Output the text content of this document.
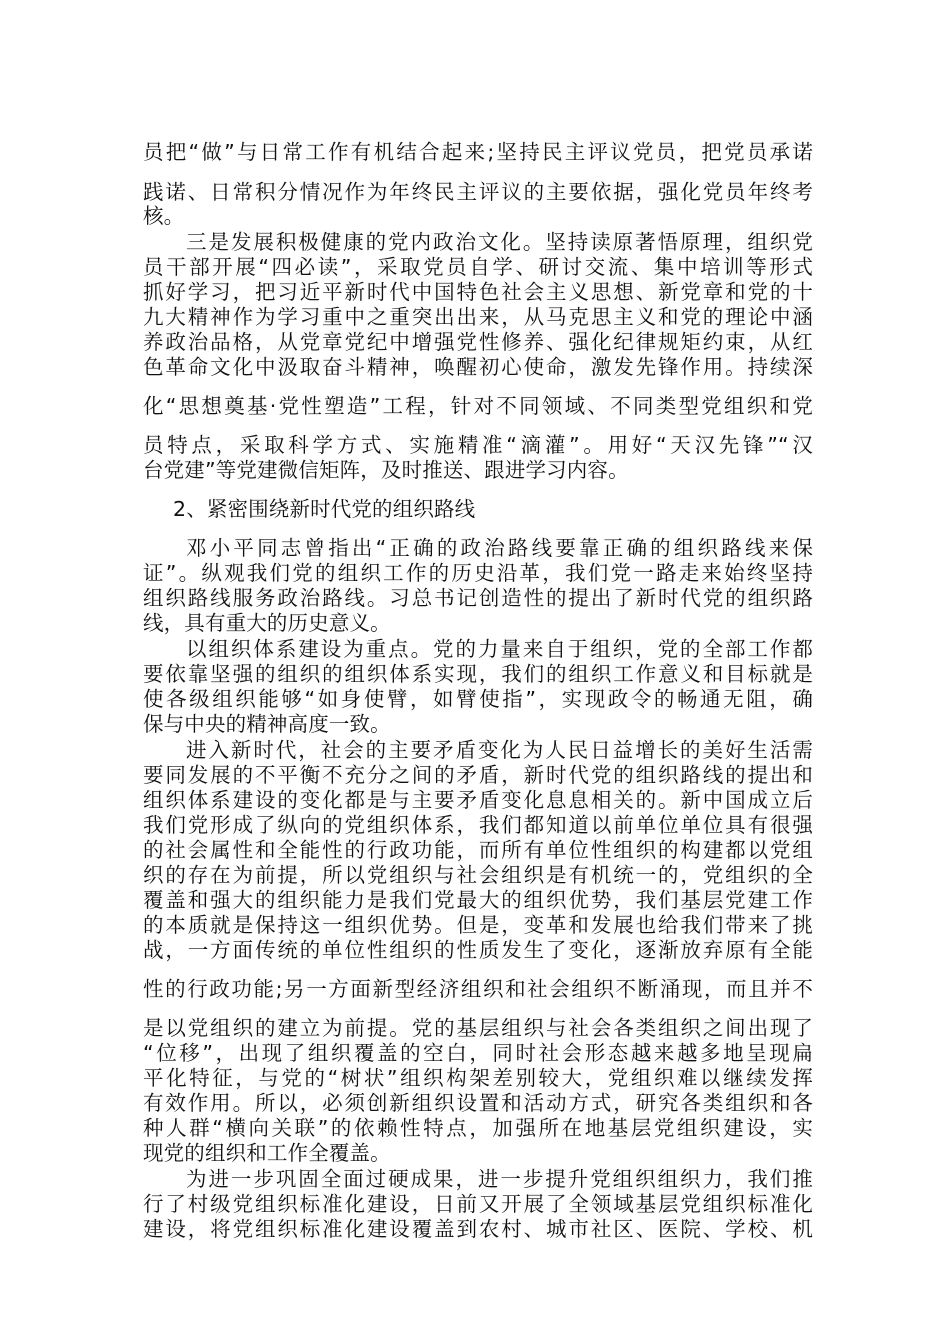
员把“做”与日常工作有机结合起来;坚持民主评议党员，把党员承诺
践诺、日常积分情况作为年终民主评议的主要依据，强化党员年终考
核。
三是发展积极健康的党内政治文化。坚持读原著悟原理，组织党
员干部开展“四必读”，采取党员自学、研讨交流、集中培训等形式
抓好学习，把习近平新时代中国特色社会主义思想、新党章和党的十
九大精神作为学习重中之重突出出来，从马克思主义和党的理论中涵
养政治品格，从党章党纪中增强党性修养、强化纪律规矩约束，从红
色革命文化中汲取奋斗精神，唤醒初心使命，激发先锋作用。持续深
化“思想奠基·党性塑造”工程，针对不同领域、不同类型党组织和党
员特点，采取科学方式、实施精准“滴灌”。用好“天汉先锋”“汉
台党建”等党建微信矩阵，及时推送、跟进学习内容。
2、紧密围绕新时代党的组织路线
邓小平同志曾指出“正确的政治路线要靠正确的组织路线来保
证”。纵观我们党的组织工作的历史沿革，我们党一路走来始终坚持
组织路线服务政治路线。习总书记创造性的提出了新时代党的组织路
线，具有重大的历史意义。
以组织体系建设为重点。党的力量来自于组织，党的全部工作都
要依靠坚强的组织的组织体系实现，我们的组织工作意义和目标就是
使各级组织能够“如身使臂，如臂使指”，实现政令的畅通无阻，确
保与中央的精神高度一致。
进入新时代，社会的主要矛盾变化为人民日益增长的美好生活需
要同发展的不平衡不充分之间的矛盾，新时代党的组织路线的提出和
组织体系建设的变化都是与主要矛盾变化息息相关的。新中国成立后
我们党形成了纵向的党组织体系，我们都知道以前单位单位具有很强
的社会属性和全能性的行政功能，而所有单位性组织的构建都以党组
织的存在为前提，所以党组织与社会组织是有机统一的，党组织的全
覆盖和强大的组织能力是我们党最大的组织优势，我们基层党建工作
的本质就是保持这一组织优势。但是，变革和发展也给我们带来了挑
战，一方面传统的单位性组织的性质发生了变化，逐渐放弃原有全能
性的行政功能;另一方面新型经济组织和社会组织不断涌现，而且并不
是以党组织的建立为前提。党的基层组织与社会各类组织之间出现了
“位移”，出现了组织覆盖的空白，同时社会形态越来越多地呈现扁
平化特征，与党的“树状”组织构架差别较大，党组织难以继续发挥
有效作用。所以，必须创新组织设置和活动方式，研究各类组织和各
种人群“横向关联”的依赖性特点，加强所在地基层党组织建设，实
现党的组织和工作全覆盖。
为进一步巩固全面过硬成果，进一步提升党组织组织力，我们推
行了村级党组织标准化建设，日前又开展了全领域基层党组织标准化
建设，将党组织标准化建设覆盖到农村、城市社区、医院、学校、机
